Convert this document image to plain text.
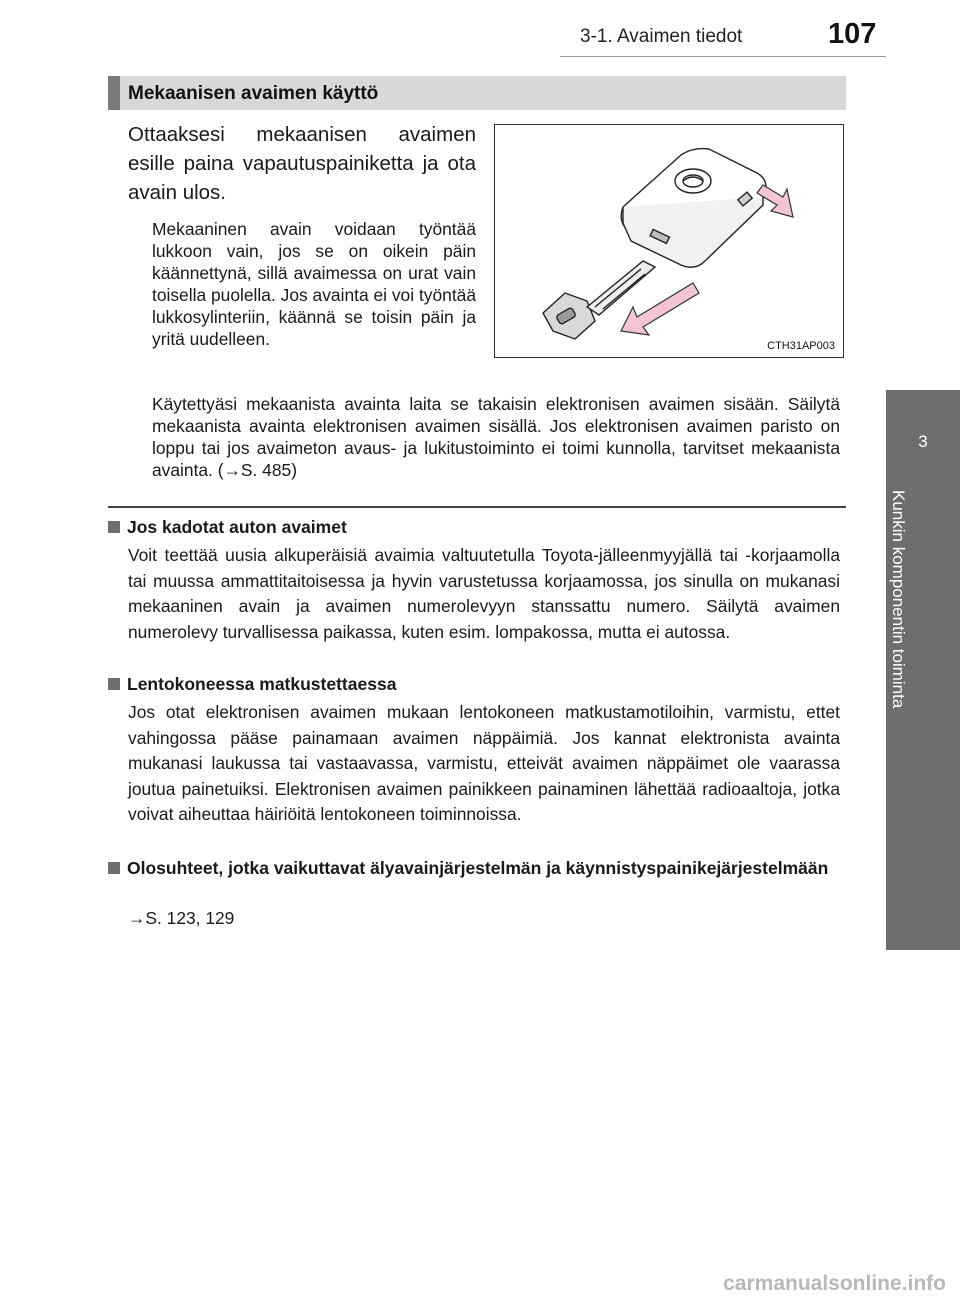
3-1. Avaimen tiedot	107
3
Kunkin komponentin toiminta
Mekaanisen avaimen käyttö
Ottaaksesi mekaanisen avaimen esille paina vapautuspainiketta ja ota avain ulos.
Mekaaninen avain voidaan työntää lukkoon vain, jos se on oikein päin käännettynä, sillä avaimessa on urat vain toisella puolella. Jos avainta ei voi työntää lukkosylinteriin, käännä se toisin päin ja yritä uudelleen.
Käytettyäsi mekaanista avainta laita se takaisin elektronisen avaimen sisään. Säilytä mekaanista avainta elektronisen avaimen sisällä. Jos elektronisen avaimen paristo on loppu tai jos avaimeton avaus- ja lukitustoiminto ei toimi kunnolla, tarvitset mekaanista avainta. (→S. 485)
CTH31AP003
Jos kadotat auton avaimet
Voit teettää uusia alkuperäisiä avaimia valtuutetulla Toyota-jälleenmyyjällä tai -korjaamolla tai muussa ammattitaitoisessa ja hyvin varustetussa korjaamossa, jos sinulla on mukanasi mekaaninen avain ja avaimen numerolevyyn stanssattu numero. Säilytä avaimen numerolevy turvallisessa paikassa, kuten esim. lompakossa, mutta ei autossa.
Lentokoneessa matkustettaessa
Jos otat elektronisen avaimen mukaan lentokoneen matkustamotiloihin, varmistu, ettet vahingossa pääse painamaan avaimen näppäimiä. Jos kannat elektronista avainta mukanasi laukussa tai vastaavassa, varmistu, etteivät avaimen näppäimet ole vaarassa joutua painetuiksi. Elektronisen avaimen painikkeen painaminen lähettää radioaaltoja, jotka voivat aiheuttaa häiriöitä lentokoneen toiminnoissa.
Olosuhteet, jotka vaikuttavat älyavainjärjestelmän ja käynnistyspainikejärjestelmään
→S. 123, 129
carmanualsonline.info
